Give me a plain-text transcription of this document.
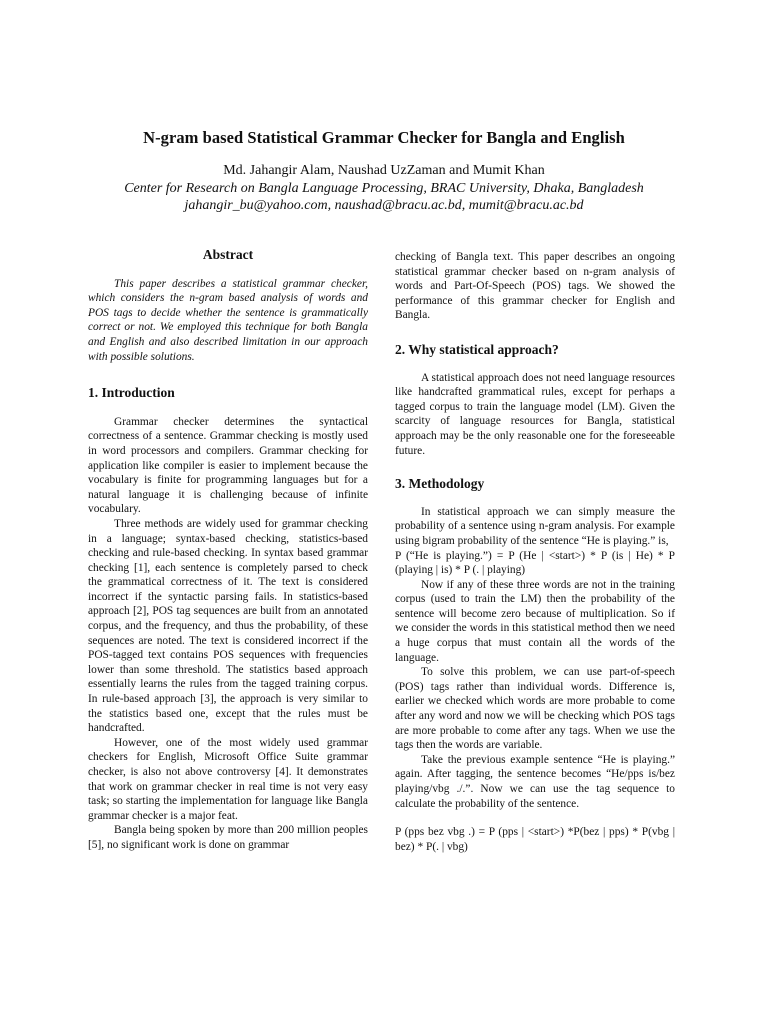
N-gram based Statistical Grammar Checker for Bangla and English
Md. Jahangir Alam, Naushad UzZaman and Mumit Khan
Center for Research on Bangla Language Processing, BRAC University, Dhaka, Bangladesh
jahangir_bu@yahoo.com, naushad@bracu.ac.bd, mumit@bracu.ac.bd
Abstract

This paper describes a statistical grammar checker, which considers the n-gram based analysis of words and POS tags to decide whether the sentence is grammatically correct or not. We employed this technique for both Bangla and English and also described limitation in our approach with possible solutions.

1. Introduction

Grammar checker determines the syntactical correctness of a sentence. Grammar checking is mostly used in word processors and compilers. Grammar checking for application like compiler is easier to implement because the vocabulary is finite for programming languages but for a natural language it is challenging because of infinite vocabulary.

Three methods are widely used for grammar checking in a language; syntax-based checking, statistics-based checking and rule-based checking. In syntax based grammar checking [1], each sentence is completely parsed to check the grammatical correctness of it. The text is considered incorrect if the syntactic parsing fails. In statistics-based approach [2], POS tag sequences are built from an annotated corpus, and the frequency, and thus the probability, of these sequences are noted. The text is considered incorrect if the POS-tagged text contains POS sequences with frequencies lower than some threshold. The statistics based approach essentially learns the rules from the tagged training corpus. In rule-based approach [3], the approach is very similar to the statistics based one, except that the rules must be handcrafted.

However, one of the most widely used grammar checkers for English, Microsoft Office Suite grammar checker, is also not above controversy [4]. It demonstrates that work on grammar checker in real time is not very easy task; so starting the implementation for language like Bangla grammar checker is a major feat.

Bangla being spoken by more than 200 million peoples [5], no significant work is done on grammar

checking of Bangla text. This paper describes an ongoing statistical grammar checker based on n-gram analysis of words and Part-Of-Speech (POS) tags. We showed the performance of this grammar checker for English and Bangla.

2. Why statistical approach?

A statistical approach does not need language resources like handcrafted grammatical rules, except for perhaps a tagged corpus to train the language model (LM). Given the scarcity of language resources for Bangla, statistical approach may be the only reasonable one for the foreseeable future.

3. Methodology

In statistical approach we can simply measure the probability of a sentence using n-gram analysis. For example using bigram probability of the sentence “He is playing.” is,

P (“He is playing.”) = P (He | <start>) * P (is | He) * P (playing | is) * P (. | playing)

Now if any of these three words are not in the training corpus (used to train the LM) then the probability of the sentence will become zero because of multiplication. So if we consider the words in this statistical method then we need a huge corpus that must contain all the words of the language.

To solve this problem, we can use part-of-speech (POS) tags rather than individual words. Difference is, earlier we checked which words are more probable to come after any word and now we will be checking which POS tags are more probable to come after any tags. When we use the tags then the words are variable.

Take the previous example sentence “He is playing.” again. After tagging, the sentence becomes “He/pps is/bez playing/vbg ./.”. Now we can use the tag sequence to calculate the probability of the sentence.

P (pps bez vbg .) = P (pps | <start>) *P(bez | pps) * P(vbg | bez) * P(. | vbg)
